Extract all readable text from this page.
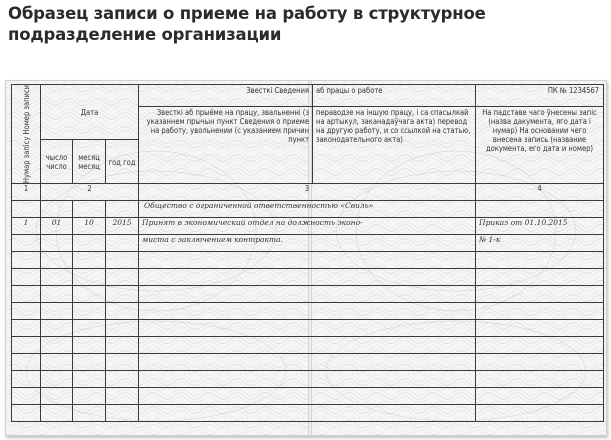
Образец записи о приеме на работу в структурное подразделение организации
Нумар запісу Номер записи	Дата			Звесткі Сведения	аб працы о работе	ПК № 1234567

				Звесткі аб прыёме на працу, звальненні (з указаннем прычын пункт Сведения о приеме на работу, увольнении (с указанием причин пункт	пераводзе на іншую працу, і са спасылкай на артыкул, заканадаўчага акта) перевод на другую работу, и со ссылкой на статью, законодательного акта)	На падставе чаго ўнесены запіс (назва дакумента, яго дата і нумар) На основании чего внесена запись (название документа, его дата и номер)
	чысло число	месяц месяц	год год			
1	2			3		4
				Общество с ограниченной ответственностью «Свиль»		
1	01	10	2015	Принят в экономический отдел на должность эконо-		Приказ от 01.10.2015
				миста с заключением контракта.		№ 1-к
